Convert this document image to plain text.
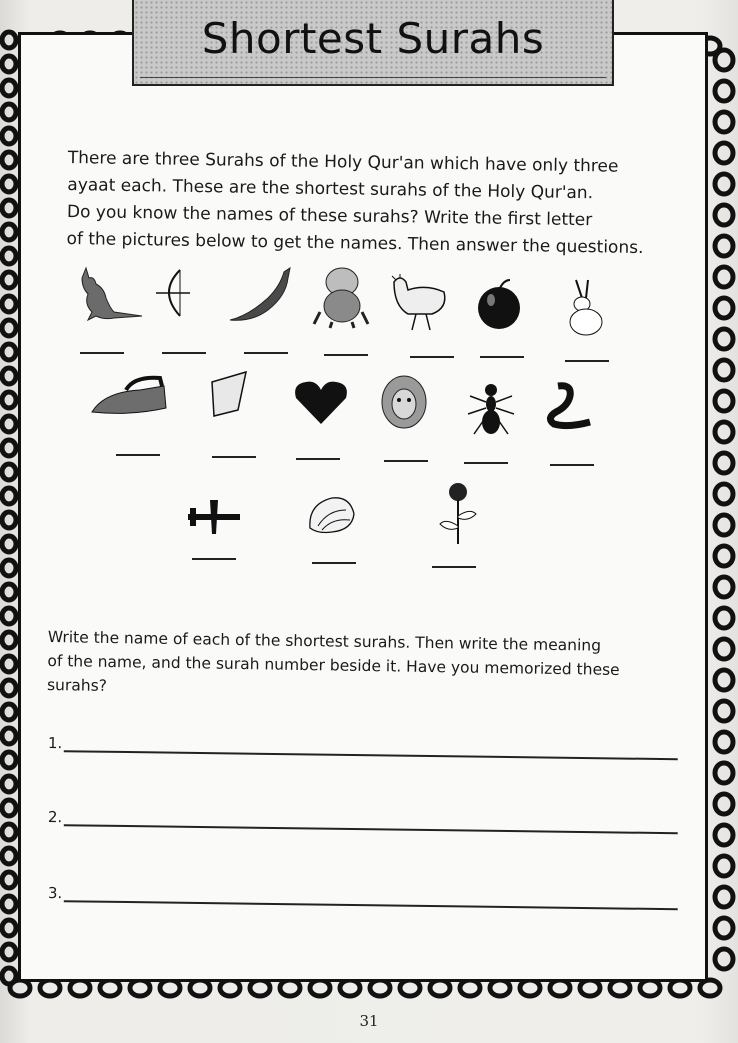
Shortest Surahs

There are three Surahs of the Holy Qur'an which have only three
ayaat each. These are the shortest surahs of the Holy Qur'an.
Do you know the names of these surahs? Write the first letter
of the pictures below to get the names. Then answer the questions.

Write the name of each of the shortest surahs. Then write the meaning
of the name, and the surah number beside it. Have you memorized these
surahs?

1.
2.
3.
31
